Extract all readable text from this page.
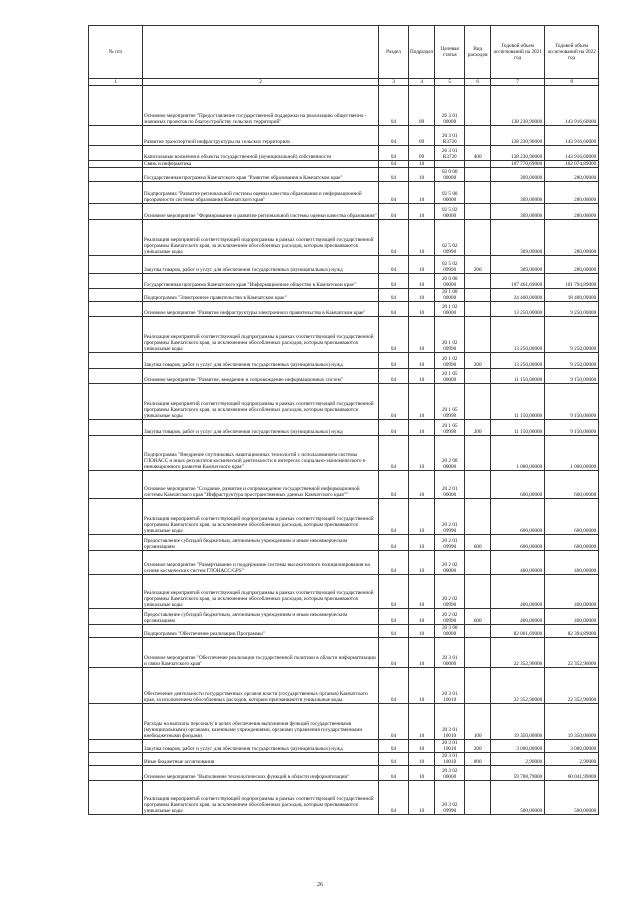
№ п/п		Раздел	Подраздел	Целевая статья	Вид расходов	Годовой объем ассигнований на 2021 год	Годовой объем ассигнований на 2022 год
1	2	3	4	5	6	7	8
	Основное мероприятие "Предоставление государственной поддержки на реализацию общественно - значимых проектов по благоустройству сельских территорий"	04	09	26 3 01 00000		138 230,90000	143 916,60000
	Развитие транспортной инфраструктуры на сельских территориях	04	09	26 3 01 R3720		138 230,90000	143 916,60000
	Капитальные вложения в объекты государственной (муниципальной) собственности	04	09	26 3 01 R3720	400	138 230,90000	143 916,60000
	Связь и информатика	04	10			107 770,69000	102 074,89000
	Государственная программа Камчатского края "Развитие образования в Камчатском крае"	04	10	02 0 00 00000		309,00000	280,00000
	Подпрограмма "Развитие региональной системы оценки качества образования и информационной прозрачности системы образования Камчатского края"	04	10	02 5 00 00000		309,00000	280,00000
	Основное мероприятие "Формирование и развитие региональной системы оценки качества образования"	04	10	02 5 02 00000		309,00000	280,00000
	Реализация мероприятий соответствующей подпрограммы в рамках соответствующей государственной программы Камчатского края, за исключением обособленных расходов, которым присваиваются уникальные коды	04	10	02 5 02 09990		309,00000	280,00000
	Закупка товаров, работ и услуг для обеспечения государственных (муниципальных) нужд	04	10	02 5 02 09990	200	309,00000	280,00000
	Государственная программа Камчатского края "Информационное общество в Камчатском крае"	04	10	20 0 00 00000		107 461,69000	101 794,89000
	Подпрограмма "Электронное правительство в Камчатском крае"	04	10	20 1 00 00000		24 400,00000	18 400,00000
	Основное мероприятие "Развитие инфраструктуры электронного правительства в Камчатском крае"	04	10	20 1 02 00000		13 250,00000	9 250,00000
	Реализация мероприятий соответствующей подпрограммы в рамках соответствующей государственной программы Камчатского края, за исключением обособленных расходов, которым присваиваются уникальные коды	04	10	20 1 02 09990		13 250,00000	9 250,00000
	Закупка товаров, работ и услуг для обеспечения государственных (муниципальных) нужд	04	10	20 1 02 09990	200	13 250,00000	9 250,00000
	Основное мероприятие "Развитие, внедрение и сопровождение информационных систем"	04	10	20 1 05 00000		11 150,00000	9 150,00000
	Реализация мероприятий соответствующей подпрограммы в рамках соответствующей государственной программы Камчатского края, за исключением обособленных расходов, которым присваиваются уникальные коды	04	10	20 1 05 09990		11 150,00000	9 150,00000
	Закупка товаров, работ и услуг для обеспечения государственных (муниципальных) нужд	04	10	20 1 05 09990	200	11 150,00000	9 150,00000
	Подпрограмма "Внедрение спутниковых навигационных технологий с использованием системы ГЛОНАСС и иных результатов космической деятельности в интересах социально-экономического и инновационного развития Камчатского края"	04	10	20 2 00 00000		1 000,00000	1 000,00000
	Основное мероприятие "Создание, развитие и сопровождение государственной информационной системы Камчатского края "Инфраструктура пространственных данных Камчатского края""	04	10	20 2 01 00000		600,00000	600,00000
	Реализация мероприятий соответствующей подпрограммы в рамках соответствующей государственной программы Камчатского края, за исключением обособленных расходов, которым присваиваются уникальные коды	04	10	20 2 01 09990		600,00000	600,00000
	Предоставление субсидий бюджетным, автономным учреждениям и иным некоммерческим организациям	04	10	20 2 01 09990	600	600,00000	600,00000
	Основное мероприятие "Развертывание и поддержание системы высокоточного позиционирования на основе космических систем ГЛОНАСС/GPS"	04	10	20 2 02 00000		400,00000	400,00000
	Реализация мероприятий соответствующей подпрограммы в рамках соответствующей государственной программы Камчатского края, за исключением обособленных расходов, которым присваиваются уникальные коды	04	10	20 2 02 09990		400,00000	400,00000
	Предоставление субсидий бюджетным, автономным учреждениям и иным некоммерческим организациям	04	10	20 2 02 09990	600	400,00000	400,00000
	Подпрограмма "Обеспечение реализации Программы"	04	10	20 3 00 00000		82 061,69000	82 394,89000
	Основное мероприятие "Обеспечение реализации государственной политики в области информатизации и связи Камчатского края"	04	10	20 3 01 00000		22 352,90000	22 352,90000
	Обеспечение деятельности государственных органов власти (государственных органов) Камчатского края, за исключением обособленных расходов, которым присваиваются уникальные коды.	04	10	20 3 01 10010		22 352,90000	22 352,90000
	Расходы на выплаты персоналу в целях обеспечения выполнения функций государственными (муниципальными) органами, казенными учреждениями, органами управления государственными внебюджетными фондами	04	10	20 3 01 10010	100	19 350,00000	19 350,00000
	Закупка товаров, работ и услуг для обеспечения государственных (муниципальных) нужд	04	10	20 3 01 10010	200	3 000,00000	3 000,00000
	Иные бюджетные ассигнования	04	10	20 3 01 10010	800	2,90000	2,90000
	Основное мероприятие "Выполнение технологических функций в области информатизации"	04	10	20 3 02 00000		59 708,79000	60 041,99000
	Реализация мероприятий соответствующей подпрограммы в рамках соответствующей государственной программы Камчатского края, за исключением обособленных расходов, которым присваиваются уникальные коды	04	10	20 3 02 09990		500,00000	500,00000
26
